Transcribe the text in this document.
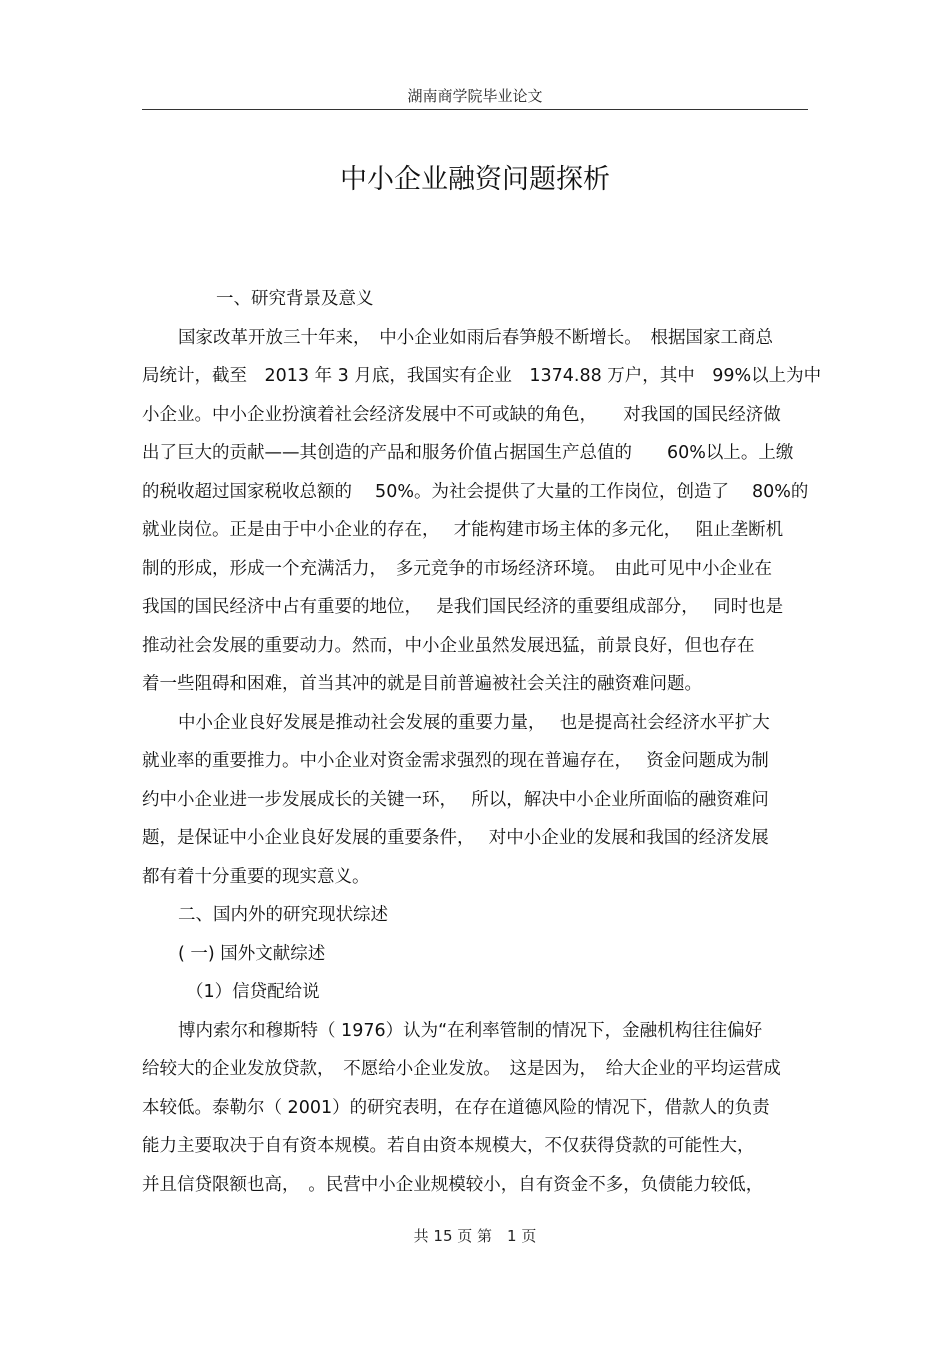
湖南商学院毕业论文
中小企业融资问题探析
一、研究背景及意义
国家改革开放三十年来，　中小企业如雨后春笋般不断增长。　根据国家工商总
局统计，截至　2013 年 3 月底，我国实有企业　1374.88 万户，其中　99%以上为中
小企业。中小企业扮演着社会经济发展中不可或缺的角色，　　对我国的国民经济做
出了巨大的贡献——其创造的产品和服务价值占据国生产总值的　　60%以上。上缴
的税收超过国家税收总额的　 50%。为社会提供了大量的工作岗位，创造了　 80%的
就业岗位。正是由于中小企业的存在，　 才能构建市场主体的多元化，　 阻止垄断机
制的形成，形成一个充满活力，　多元竞争的市场经济环境。　由此可见中小企业在
我国的国民经济中占有重要的地位，　 是我们国民经济的重要组成部分，　 同时也是
推动社会发展的重要动力。然而，中小企业虽然发展迅猛，前景良好，但也存在
着一些阻碍和困难，首当其冲的就是目前普遍被社会关注的融资难问题。
中小企业良好发展是推动社会发展的重要力量，　 也是提高社会经济水平扩大
就业率的重要推力。中小企业对资金需求强烈的现在普遍存在，　 资金问题成为制
约中小企业进一步发展成长的关键一环，　 所以，解决中小企业所面临的融资难问
题，是保证中小企业良好发展的重要条件，　 对中小企业的发展和我国的经济发展
都有着十分重要的现实意义。
二、国内外的研究现状综述
( 一) 国外文献综述
（1）信贷配给说
博内索尔和穆斯特（ 1976）认为“在利率管制的情况下，金融机构往往偏好
给较大的企业发放贷款，　不愿给小企业发放。　这是因为，　给大企业的平均运营成
本较低。泰勒尔（ 2001）的研究表明，在存在道德风险的情况下，借款人的负责
能力主要取决于自有资本规模。若自由资本规模大，不仅获得贷款的可能性大，
并且信贷限额也高，　。民营中小企业规模较小，自有资金不多，负债能力较低，
共 15 页 第　1 页
